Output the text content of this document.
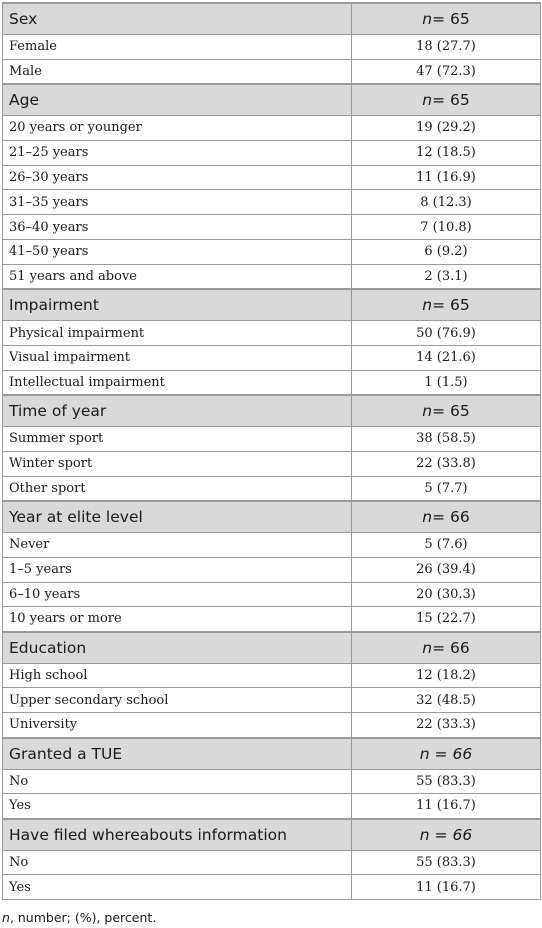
Sex	n= 65
Female	18 (27.7)
Male	47 (72.3)
Age	n= 65
20 years or younger	19 (29.2)
21–25 years	12 (18.5)
26–30 years	11 (16.9)
31–35 years	8 (12.3)
36–40 years	7 (10.8)
41–50 years	6 (9.2)
51 years and above	2 (3.1)
Impairment	n= 65
Physical impairment	50 (76.9)
Visual impairment	14 (21.6)
Intellectual impairment	1 (1.5)
Time of year	n= 65
Summer sport	38 (58.5)
Winter sport	22 (33.8)
Other sport	5 (7.7)
Year at elite level	n= 66
Never	5 (7.6)
1–5 years	26 (39.4)
6–10 years	20 (30.3)
10 years or more	15 (22.7)
Education	n= 66
High school	12 (18.2)
Upper secondary school	32 (48.5)
University	22 (33.3)
Granted a TUE	n = 66
No	55 (83.3)
Yes	11 (16.7)
Have filed whereabouts information	n = 66
No	55 (83.3)
Yes	11 (16.7)
n, number; (%), percent.
